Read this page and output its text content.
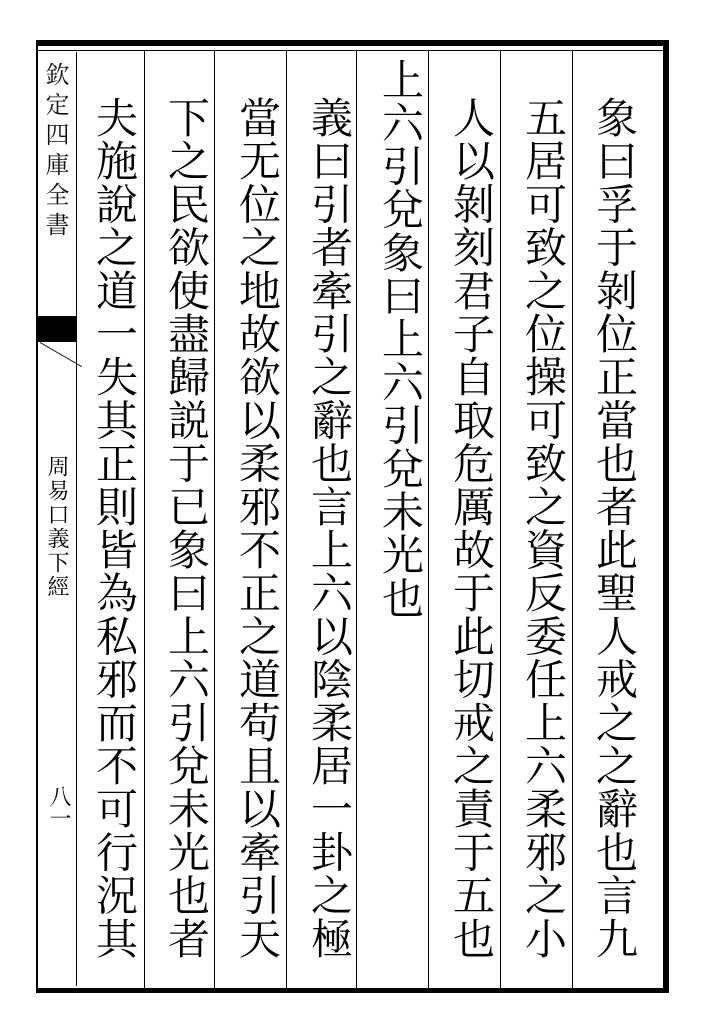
欽定四庫全書
周易口義下經
八一	象曰孚于剝位正當也者此聖人戒之之辭也言九
五居可致之位操可致之資反委任上六柔邪之小
人以剝刻君子自取危厲故于此切戒之責于五也
上六引兌象曰上六引兌未光也
義曰引者牽引之辭也言上六以陰柔居一卦之極
當无位之地故欲以柔邪不正之道苟且以牽引天
下之民欲使盡歸説于已象曰上六引兌未光也者
夫施說之道一失其正則皆為私邪而不可行況其
